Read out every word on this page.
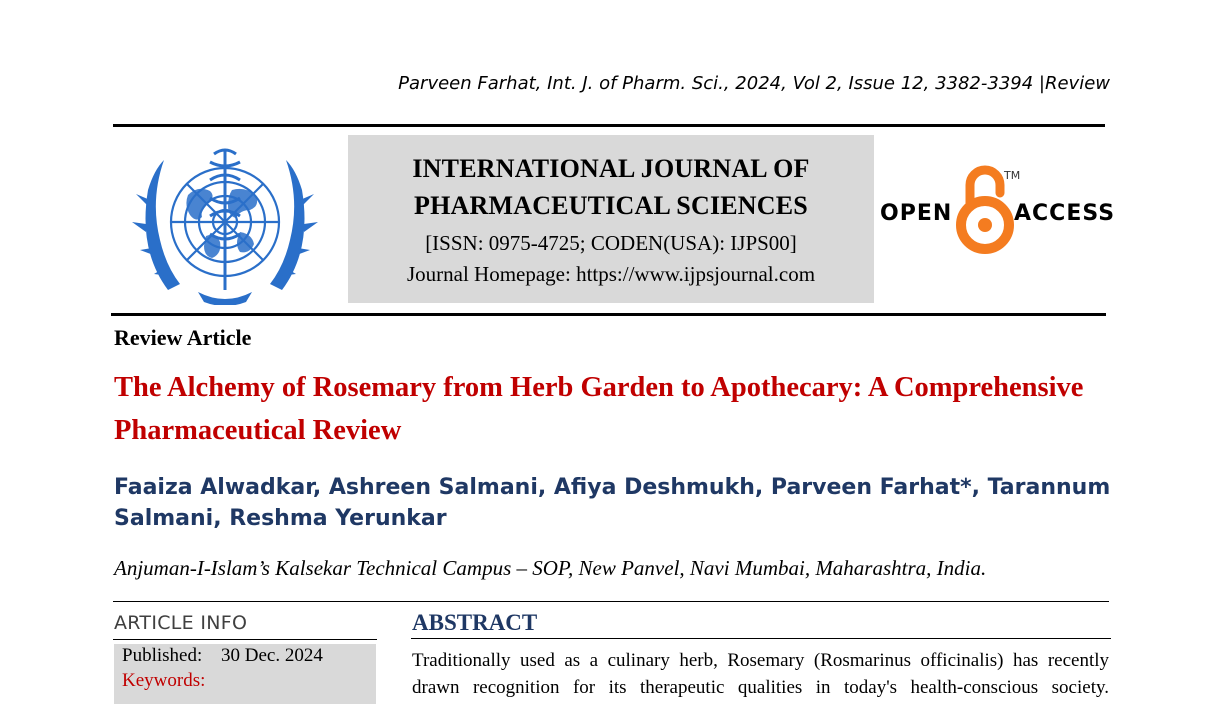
Parveen Farhat, Int. J. of Pharm. Sci., 2024, Vol 2, Issue 12, 3382-3394 |Review
INTERNATIONAL JOURNAL OF
PHARMACEUTICAL SCIENCES
[ISSN: 0975-4725; CODEN(USA): IJPS00]
Journal Homepage: https://www.ijpsjournal.com
OPEN
TM
ACCESS
Review Article
The Alchemy of Rosemary from Herb Garden to Apothecary: A Comprehensive Pharmaceutical Review
Faaiza Alwadkar, Ashreen Salmani, Afiya Deshmukh, Parveen Farhat*, Tarannum Salmani, Reshma Yerunkar
Anjuman-I-Islam’s Kalsekar Technical Campus – SOP, New Panvel, Navi Mumbai, Maharashtra, India.
ARTICLE INFO
Published: 30 Dec. 2024
Keywords:
ABSTRACT
Traditionally used as a culinary herb, Rosemary (Rosmarinus officinalis) has recently
drawn recognition for its therapeutic qualities in today's health-conscious society.
